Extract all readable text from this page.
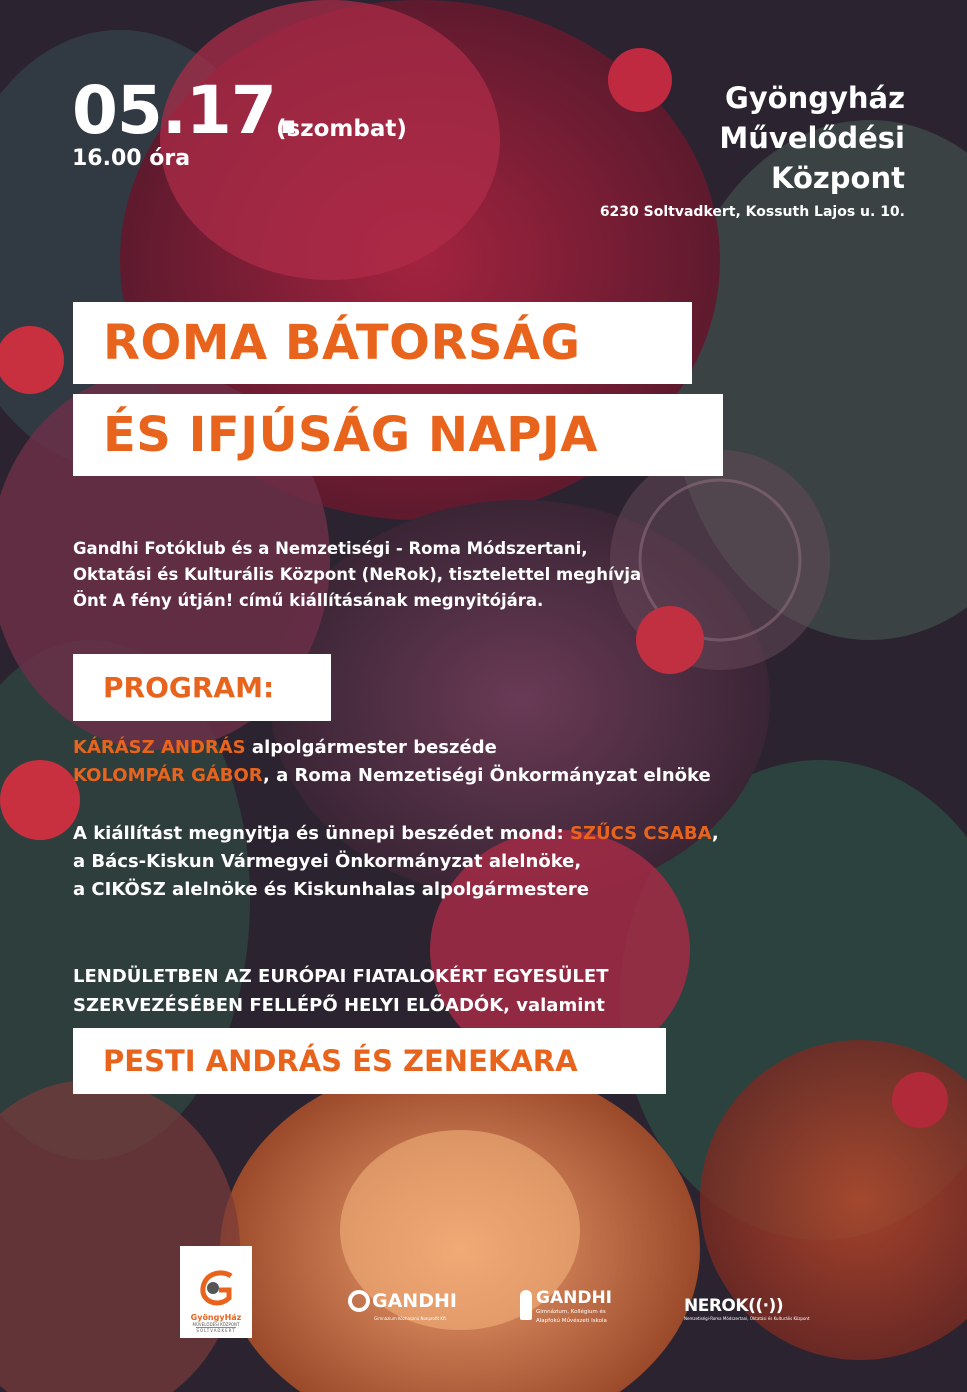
05.17.
(szombat)
16.00 óra
Gyöngyház
Művelődési
Központ
6230 Soltvadkert, Kossuth Lajos u. 10.
ROMA BÁTORSÁG
ÉS IFJÚSÁG NAPJA
Gandhi Fotóklub és a Nemzetiségi - Roma Módszertani,
Oktatási és Kulturális Központ (NeRok), tisztelettel meghívja
Önt A fény útján! című kiállításának megnyitójára.
PROGRAM:
KÁRÁSZ ANDRÁS alpolgármester beszéde
KOLOMPÁR GÁBOR, a Roma Nemzetiségi Önkormányzat elnöke
A kiállítást megnyitja és ünnepi beszédet mond: SZŰCS CSABA,
a Bács-Kiskun Vármegyei Önkormányzat alelnöke,
a CIKÖSZ alelnöke és Kiskunhalas alpolgármestere
LENDÜLETBEN AZ EURÓPAI FIATALOKÉRT EGYESÜLET
SZERVEZÉSÉBEN FELLÉPŐ HELYI ELŐADÓK, valamint
PESTI ANDRÁS ÉS ZENEKARA
GyöngyHáz
MŰVELŐDÉSI KÖZPONT
SOLTVADKERT
GANDHI
Gimnázium Közhasznú Nonprofit Kft.
GANDHI
Gimnázium, Kollégium és
Alapfokú Művészeti Iskola
NEROK((·))
Nemzetiségi-Roma Módszertani, Oktatási és Kulturális Központ
